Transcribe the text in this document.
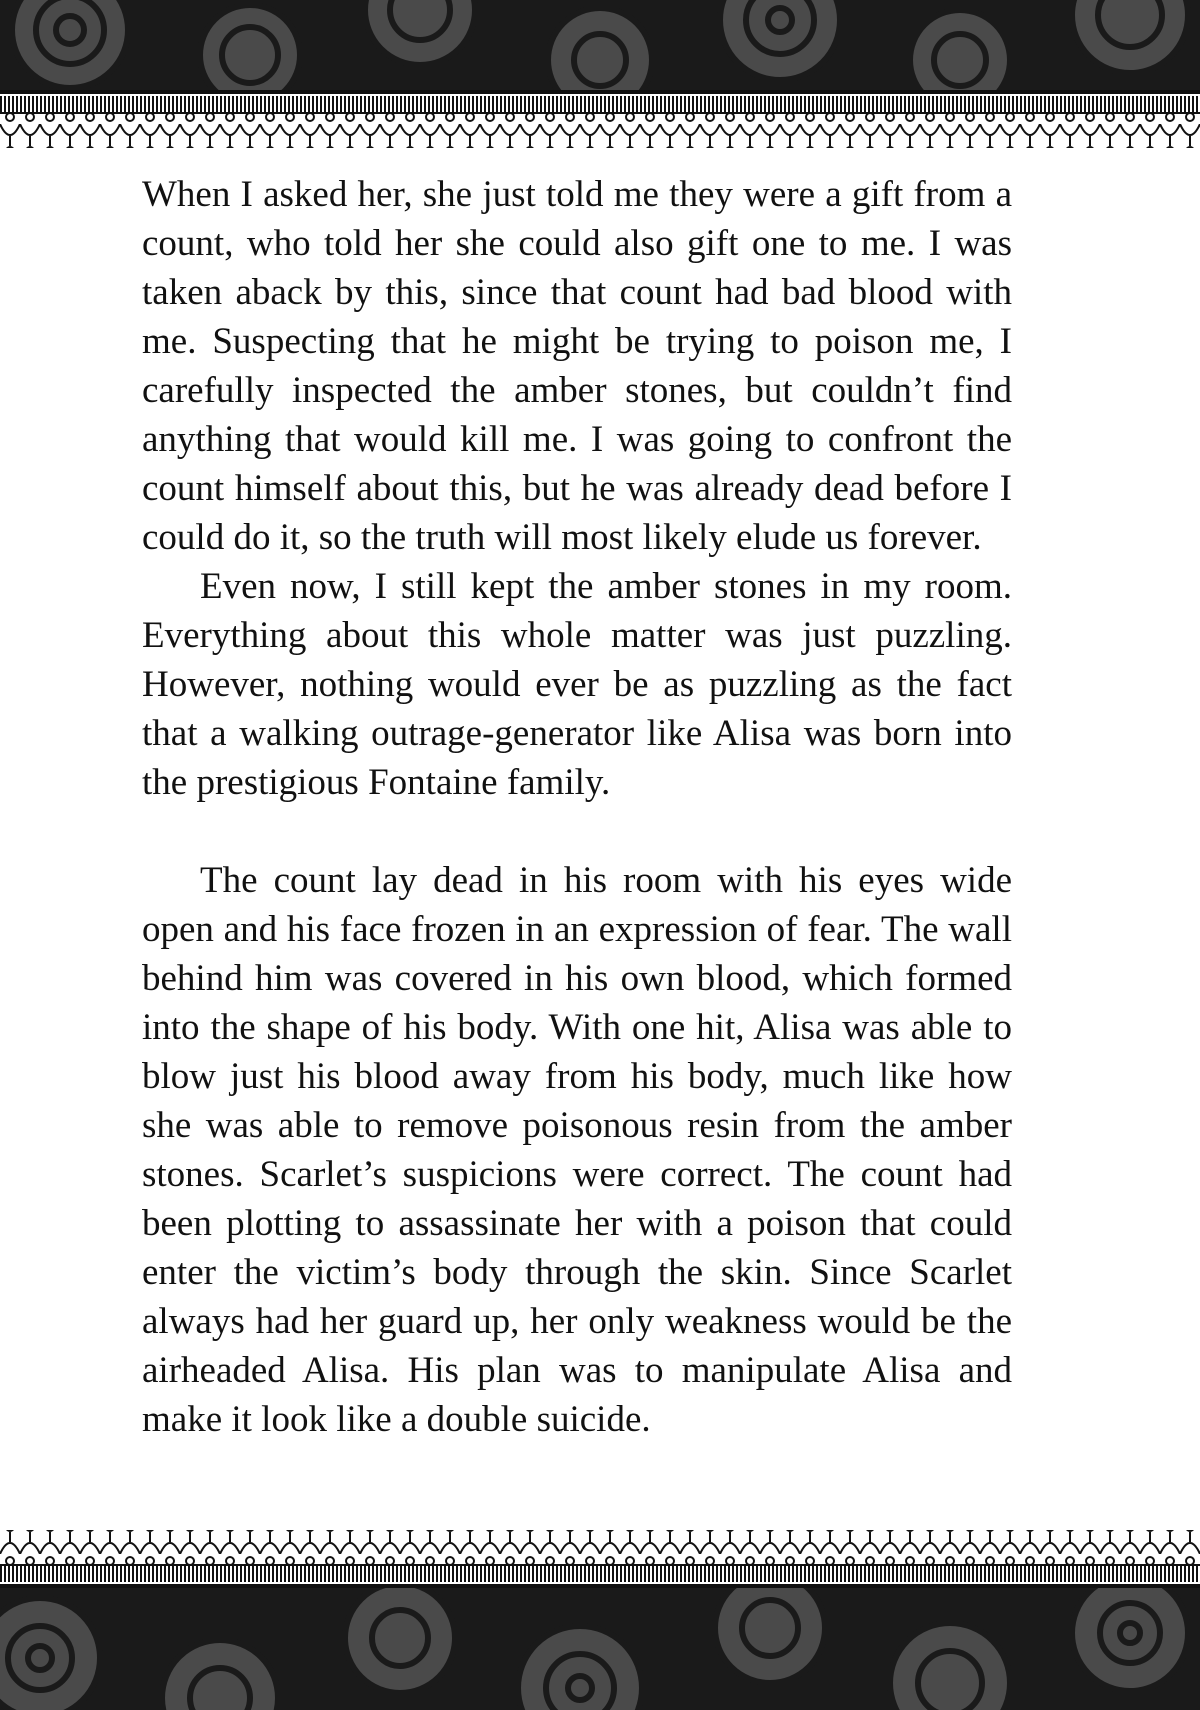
When I asked her, she just told me they were a gift from a count, who told her she could also gift one to me. I was taken aback by this, since that count had bad blood with me. Suspecting that he might be trying to poison me, I carefully inspected the amber stones, but couldn’t find anything that would kill me. I was going to confront the count himself about this, but he was already dead before I could do it, so the truth will most likely elude us forever.

Even now, I still kept the amber stones in my room. Everything about this whole matter was just puzzling. However, nothing would ever be as puzzling as the fact that a walking outrage-generator like Alisa was born into the prestigious Fontaine family.

The count lay dead in his room with his eyes wide open and his face frozen in an expression of fear. The wall behind him was covered in his own blood, which formed into the shape of his body. With one hit, Alisa was able to blow just his blood away from his body, much like how she was able to remove poisonous resin from the amber stones. Scarlet’s suspicions were correct. The count had been plotting to assassinate her with a poison that could enter the victim’s body through the skin. Since Scarlet always had her guard up, her only weakness would be the airheaded Alisa. His plan was to manipulate Alisa and make it look like a double suicide.
